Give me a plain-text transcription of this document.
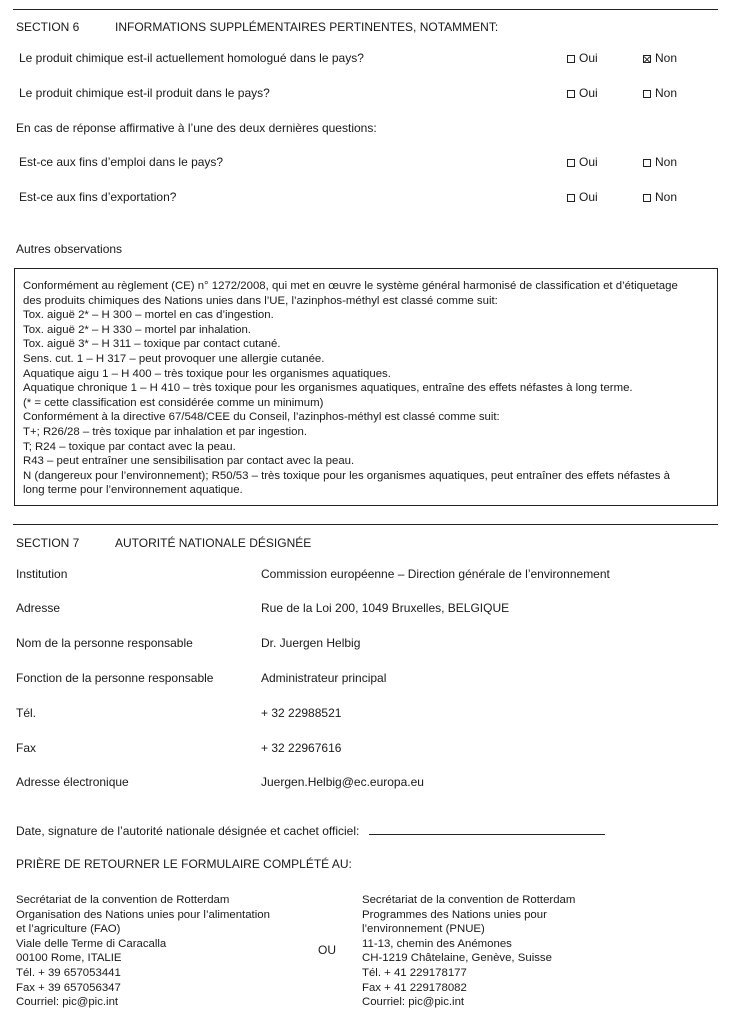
SECTION 6	INFORMATIONS SUPPLÉMENTAIRES PERTINENTES, NOTAMMENT:
Le produit chimique est-il actuellement homologué dans le pays?	Oui	Non
Le produit chimique est-il produit dans le pays?	Oui	Non
En cas de réponse affirmative à l’une des deux dernières questions:
Est-ce aux fins d’emploi dans le pays?	Oui	Non
Est-ce aux fins d’exportation?	Oui	Non
Autres observations
Conformément au règlement (CE) n° 1272/2008, qui met en œuvre le système général harmonisé de classification et d’étiquetage
des produits chimiques des Nations unies dans l’UE, l’azinphos-méthyl est classé comme suit:
Tox. aiguë 2* – H 300 – mortel en cas d’ingestion.
Tox. aiguë 2* – H 330 – mortel par inhalation.
Tox. aiguë 3* – H 311 – toxique par contact cutané.
Sens. cut. 1 – H 317 – peut provoquer une allergie cutanée.
Aquatique aigu 1 – H 400 – très toxique pour les organismes aquatiques.
Aquatique chronique 1 – H 410 – très toxique pour les organismes aquatiques, entraîne des effets néfastes à long terme.
(* = cette classification est considérée comme un minimum)
Conformément à la directive 67/548/CEE du Conseil, l’azinphos-méthyl est classé comme suit:
T+; R26/28 – très toxique par inhalation et par ingestion.
T; R24 – toxique par contact avec la peau.
R43 – peut entraîner une sensibilisation par contact avec la peau.
N (dangereux pour l’environnement); R50/53 – très toxique pour les organismes aquatiques, peut entraîner des effets néfastes à
long terme pour l’environnement aquatique.
SECTION 7	AUTORITÉ NATIONALE DÉSIGNÉE
Institution	Commission européenne – Direction générale de l’environnement
Adresse	Rue de la Loi 200, 1049 Bruxelles, BELGIQUE
Nom de la personne responsable	Dr. Juergen Helbig
Fonction de la personne responsable	Administrateur principal
Tél.	+ 32 22988521
Fax	+ 32 22967616
Adresse électronique	Juergen.Helbig@ec.europa.eu
Date, signature de l’autorité nationale désignée et cachet officiel:
PRIÈRE DE RETOURNER LE FORMULAIRE COMPLÉTÉ AU:
Secrétariat de la convention de Rotterdam
Organisation des Nations unies pour l’alimentation
et l’agriculture (FAO)
Viale delle Terme di Caracalla
00100 Rome, ITALIE
Tél. + 39 657053441
Fax + 39 657056347
Courriel: pic@pic.int
OU
Secrétariat de la convention de Rotterdam
Programmes des Nations unies pour
l’environnement (PNUE)
11-13, chemin des Anémones
CH-1219 Châtelaine, Genève, Suisse
Tél. + 41 229178177
Fax + 41 229178082
Courriel: pic@pic.int
